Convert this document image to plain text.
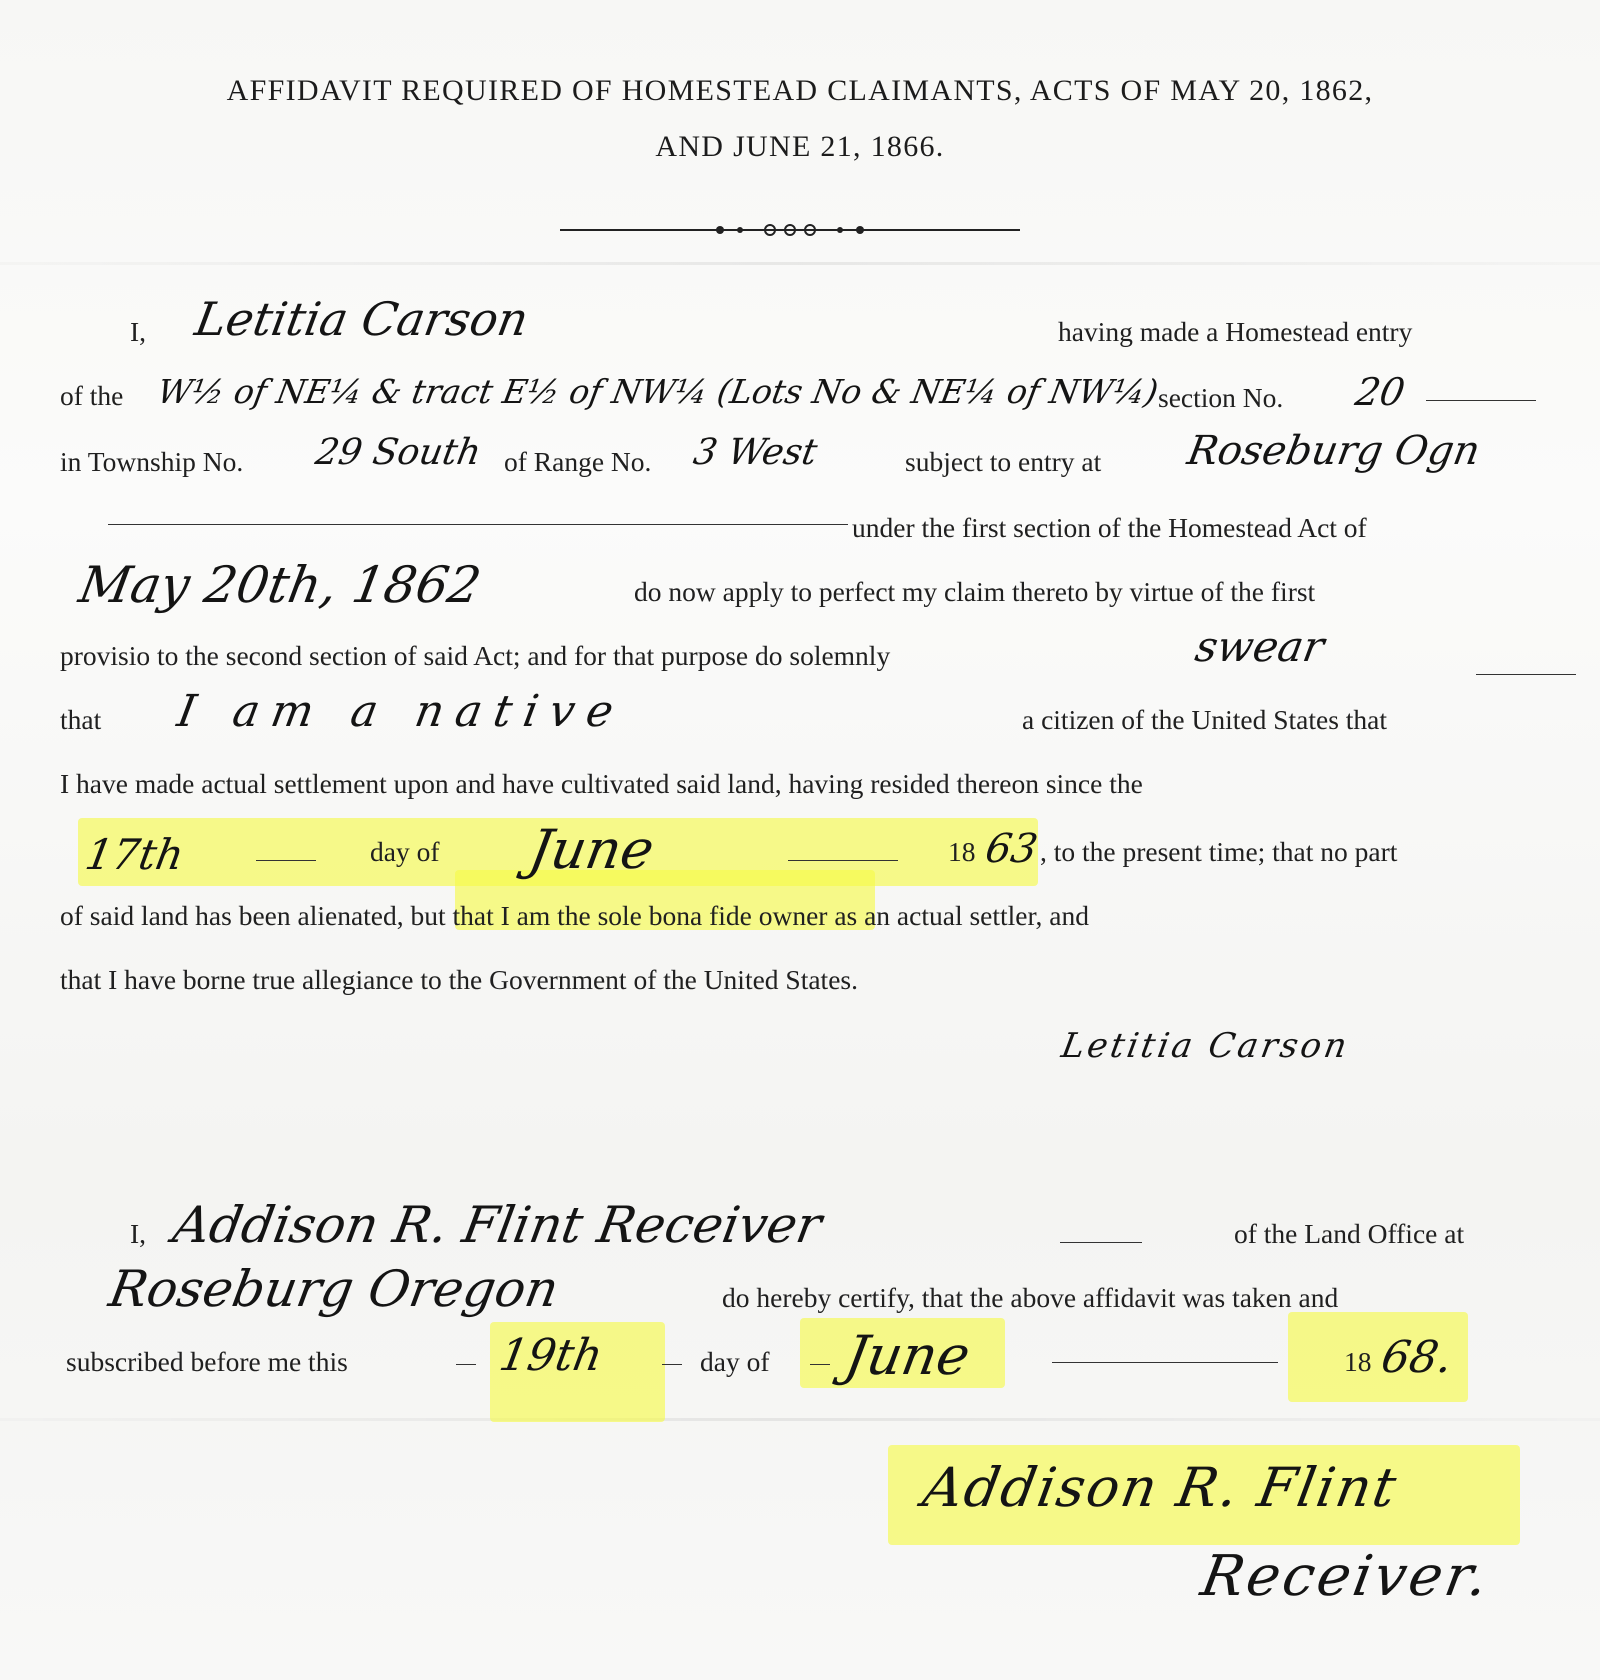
AFFIDAVIT REQUIRED OF HOMESTEAD CLAIMANTS, ACTS OF MAY 20, 1862,
AND JUNE 21, 1866.
I, Letitia Carson	having made a Homestead entry
of the W½ of NE¼ & tract E½ of NW¼ (Lots No & NE¼ of NW¼)
section No. 20
in Township No. 29 South of Range No. 3 West	subject to entry at Roseburg Ogn
under the first section of the Homestead Act of
May 20th, 1862	do now apply to perfect my claim thereto by virtue of the first
provisio to the second section of said Act; and for that purpose do solemnly	swear
that I am a native	a citizen of the United States that
I have made actual settlement upon and have cultivated said land, having resided thereon since the
17th	day of June	18 63 , to the present time; that no part
of said land has been alienated, but that I am the sole bona fide owner as an actual settler, and
that I have borne true allegiance to the Government of the United States.
Letitia Carson
I, Addison R. Flint Receiver	of the Land Office at
Roseburg Oregon	do hereby certify, that the above affidavit was taken and
subscribed before me this	19th	day of June	18 68.
Addison R. Flint
Receiver.
